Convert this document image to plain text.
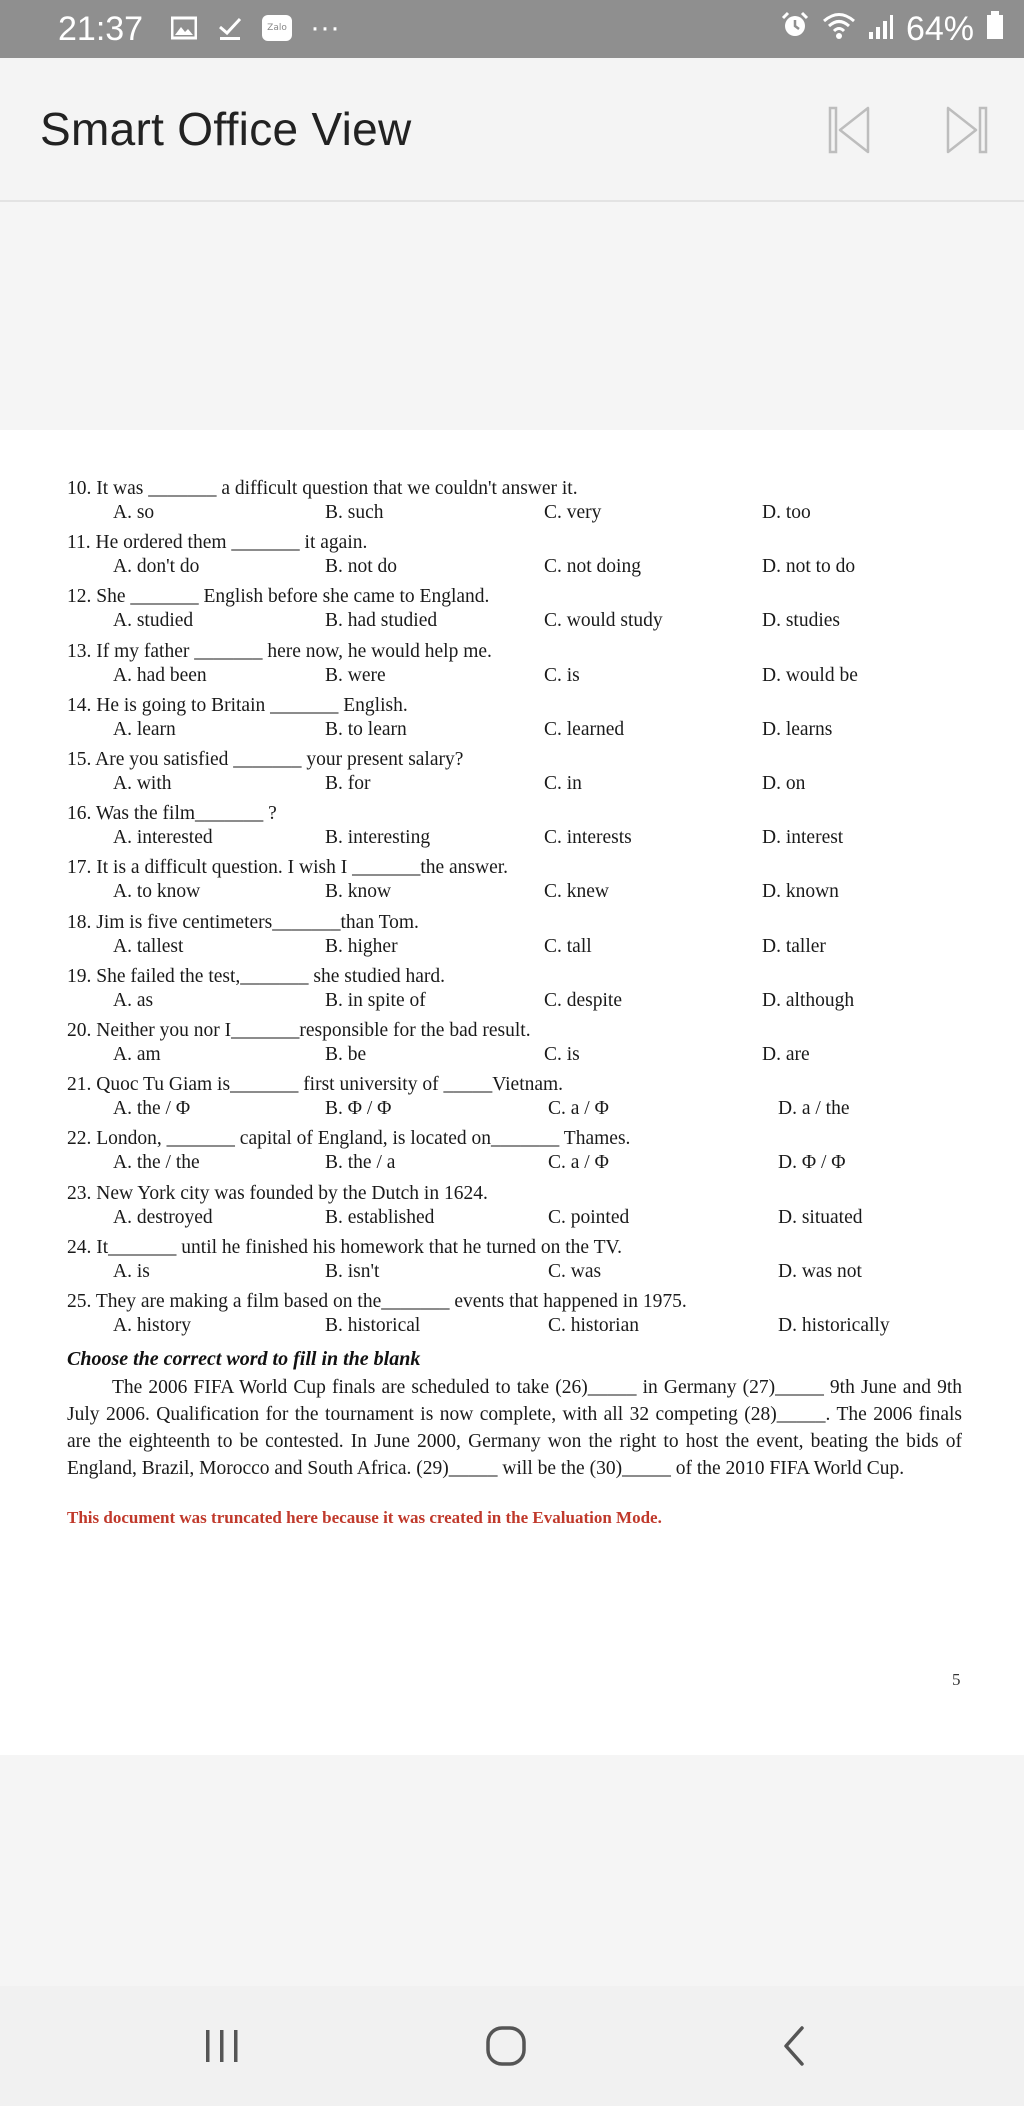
21:37	Zalo ···	64%
Smart Office View
10. It was _______ a difficult question that we couldn't answer it.
A. so	B. such	C. very	D. too
11. He ordered them _______ it again.
A. don't do	B. not do	C. not doing	D. not to do
12. She _______ English before she came to England.
A. studied	B. had studied	C. would study	D. studies
13. If my father _______ here now, he would help me.
A. had been	B. were	C. is	D. would be
14. He is going to Britain _______ English.
A. learn	B. to learn	C. learned	D. learns
15. Are you satisfied _______ your present salary?
A. with	B. for	C. in	D. on
16. Was the film_______ ?
A. interested	B. interesting	C. interests	D. interest
17. It is a difficult question. I wish I _______the answer.
A. to know	B. know	C. knew	D. known
18. Jim is five centimeters_______than Tom.
A. tallest	B. higher	C. tall	D. taller
19. She failed the test,_______ she studied hard.
A. as	B. in spite of	C. despite	D. although
20. Neither you nor I_______responsible for the bad result.
A. am	B. be	C. is	D. are
21. Quoc Tu Giam is_______ first university of _____Vietnam.
A. the / Φ	B. Φ / Φ	C. a / Φ	D. a / the
22. London, _______ capital of England, is located on_______ Thames.
A. the / the	B. the / a	C. a / Φ	D. Φ / Φ
23. New York city was founded by the Dutch in 1624.
A. destroyed	B. established	C. pointed	D. situated
24. It_______ until he finished his homework that he turned on the TV.
A. is	B. isn't	C. was	D. was not
25. They are making a film based on the_______ events that happened in 1975.
A. history	B. historical	C. historian	D. historically
Choose the correct word to fill in the blank
The 2006 FIFA World Cup finals are scheduled to take (26)_____ in Germany (27)_____ 9th June and 9th July 2006. Qualification for the tournament is now complete, with all 32 competing (28)_____. The 2006 finals are the eighteenth to be contested. In June 2000, Germany won the right to host the event, beating the bids of England, Brazil, Morocco and South Africa. (29)_____ will be the (30)_____ of the 2010 FIFA World Cup.
This document was truncated here because it was created in the Evaluation Mode.
5
